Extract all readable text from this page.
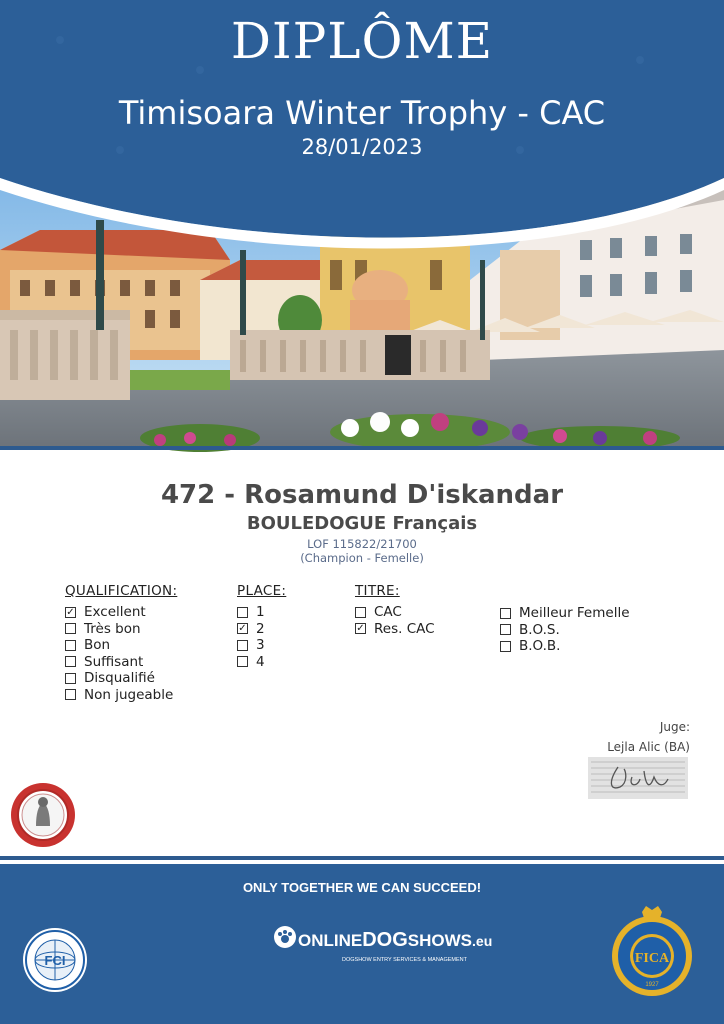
DIPLÔME
Timisoara Winter Trophy - CAC
28/01/2023
472 - Rosamund D'iskandar
BOULEDOGUE Français
LOF 115822/21700
(Champion - Femelle)
QUALIFICATION:
✓ Excellent
Très bon
Bon
Suffisant
Disqualifié
Non jugeable
PLACE:
1
✓ 2
3
4
TITRE:
CAC
✓ Res. CAC
Meilleur Femelle
B.O.S.
B.O.B.
Juge:
Lejla Alic (BA)
ONLY TOGETHER WE CAN SUCCEED!
FCI
ONLINEDOGSHOWS.eu
DOGSHOW ENTRY SERVICES & MANAGEMENT	FICA
1927
